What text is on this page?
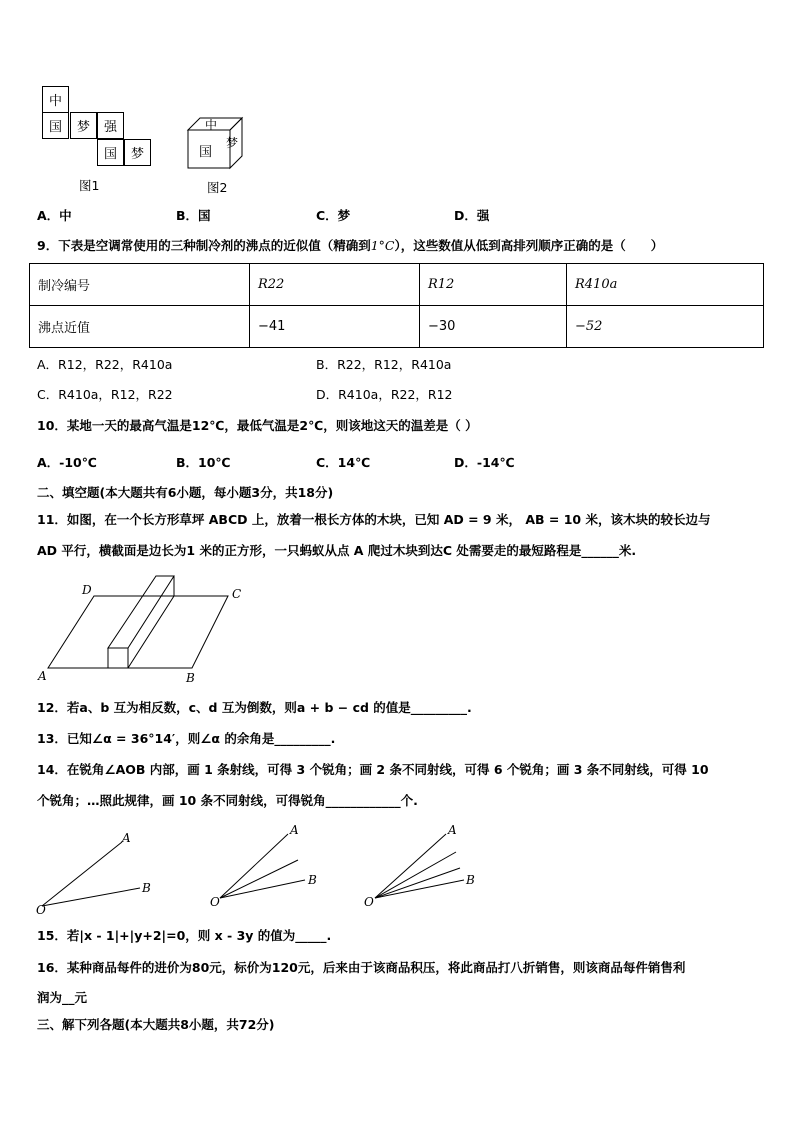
中
国	梦	强
国	梦
图1
中
国
梦
图2
A．中	B．国	C．梦	D．强
9．下表是空调常使用的三种制冷剂的沸点的近似值（精确到1°C），这些数值从低到高排列顺序正确的是（　　）
制冷编号	R22	R12	R410a
沸点近值	−41	−30	−52
A．R12，R22，R410a	B．R22，R12，R410a
C．R410a，R12，R22	D．R410a，R22，R12
10．某地一天的最高气温是12℃，最低气温是2℃，则该地这天的温差是（ ）
A．-10℃	B．10℃	C．14℃	D．-14℃
二、填空题(本大题共有6小题，每小题3分，共18分)
11．如图，在一个长方形草坪 ABCD 上，放着一根长方体的木块，已知 AD = 9 米， AB = 10 米，该木块的较长边与
AD 平行，横截面是边长为1 米的正方形，一只蚂蚁从点 A 爬过木块到达C 处需要走的最短路程是______米.
D	C
A	B
12．若a、b 互为相反数，c、d 互为倒数，则a + b − cd 的值是_________.
13．已知∠α = 36°14′，则∠α 的余角是_________.
14．在锐角∠AOB 内部，画 1 条射线，可得 3 个锐角；画 2 条不同射线，可得 6 个锐角；画 3 条不同射线，可得 10
个锐角；…照此规律，画 10 条不同射线，可得锐角____________个.
A
B
O
A
B
O
A
B
O
15．若|x - 1|+|y+2|=0，则 x - 3y 的值为_____.
16．某种商品每件的进价为80元，标价为120元，后来由于该商品积压，将此商品打八折销售，则该商品每件销售利
润为__元
三、解下列各题(本大题共8小题，共72分)
